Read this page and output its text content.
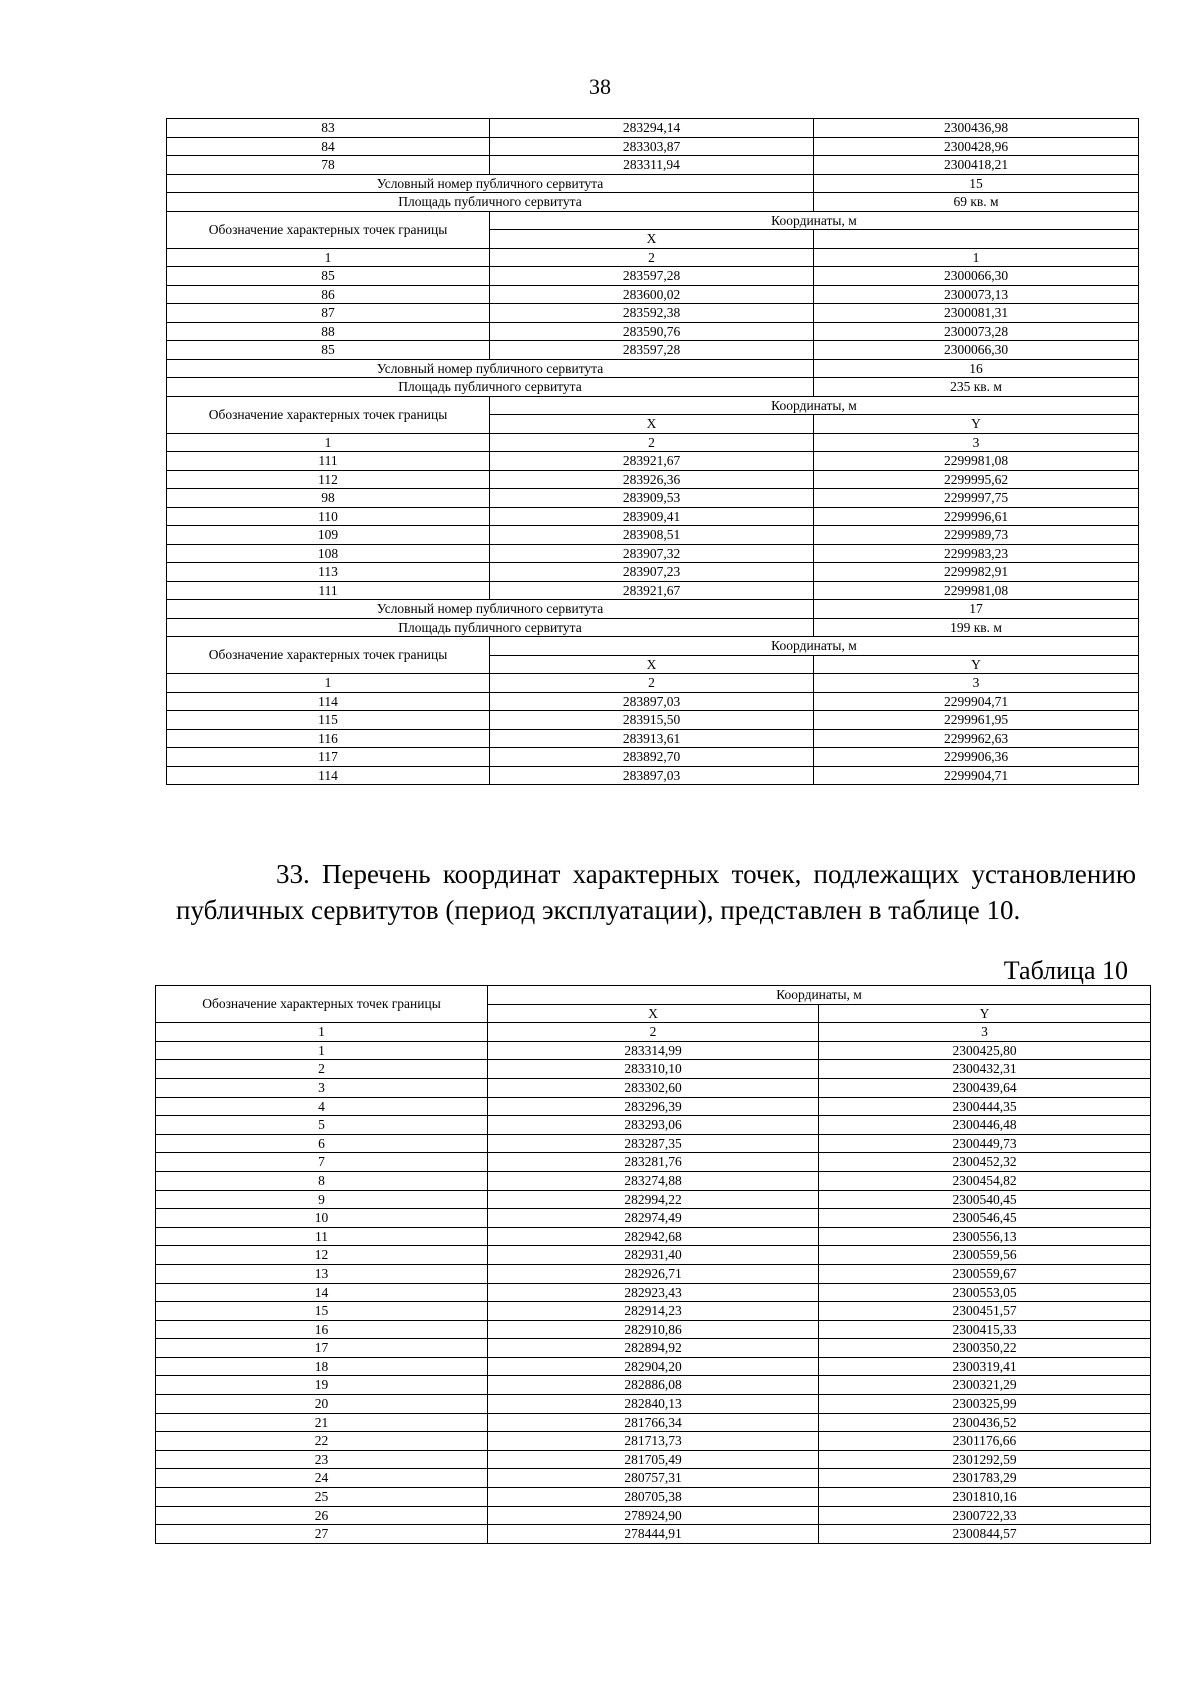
38
83	283294,14	2300436,98
84	283303,87	2300428,96
78	283311,94	2300418,21
Условный номер публичного сервитута		15
Площадь публичного сервитута		69 кв. м
Обозначение характерных точек границы	Координаты, м	
	X	
1	2	1
85	283597,28	2300066,30
86	283600,02	2300073,13
87	283592,38	2300081,31
88	283590,76	2300073,28
85	283597,28	2300066,30
Условный номер публичного сервитута		16
Площадь публичного сервитута		235 кв. м
Обозначение характерных точек границы	Координаты, м	
	X	Y
1	2	3
111	283921,67	2299981,08
112	283926,36	2299995,62
98	283909,53	2299997,75
110	283909,41	2299996,61
109	283908,51	2299989,73
108	283907,32	2299983,23
113	283907,23	2299982,91
111	283921,67	2299981,08
Условный номер публичного сервитута		17
Площадь публичного сервитута		199 кв. м
Обозначение характерных точек границы	Координаты, м	
	X	Y
1	2	3
114	283897,03	2299904,71
115	283915,50	2299961,95
116	283913,61	2299962,63
117	283892,70	2299906,36
114	283897,03	2299904,71
33. Перечень координат характерных точек, подлежащих установлению публичных сервитутов (период эксплуатации), представлен в таблице 10.
Таблица 10
Обозначение характерных точек границы	Координаты, м	
	X	Y
1	2	3
1	283314,99	2300425,80
2	283310,10	2300432,31
3	283302,60	2300439,64
4	283296,39	2300444,35
5	283293,06	2300446,48
6	283287,35	2300449,73
7	283281,76	2300452,32
8	283274,88	2300454,82
9	282994,22	2300540,45
10	282974,49	2300546,45
11	282942,68	2300556,13
12	282931,40	2300559,56
13	282926,71	2300559,67
14	282923,43	2300553,05
15	282914,23	2300451,57
16	282910,86	2300415,33
17	282894,92	2300350,22
18	282904,20	2300319,41
19	282886,08	2300321,29
20	282840,13	2300325,99
21	281766,34	2300436,52
22	281713,73	2301176,66
23	281705,49	2301292,59
24	280757,31	2301783,29
25	280705,38	2301810,16
26	278924,90	2300722,33
27	278444,91	2300844,57
